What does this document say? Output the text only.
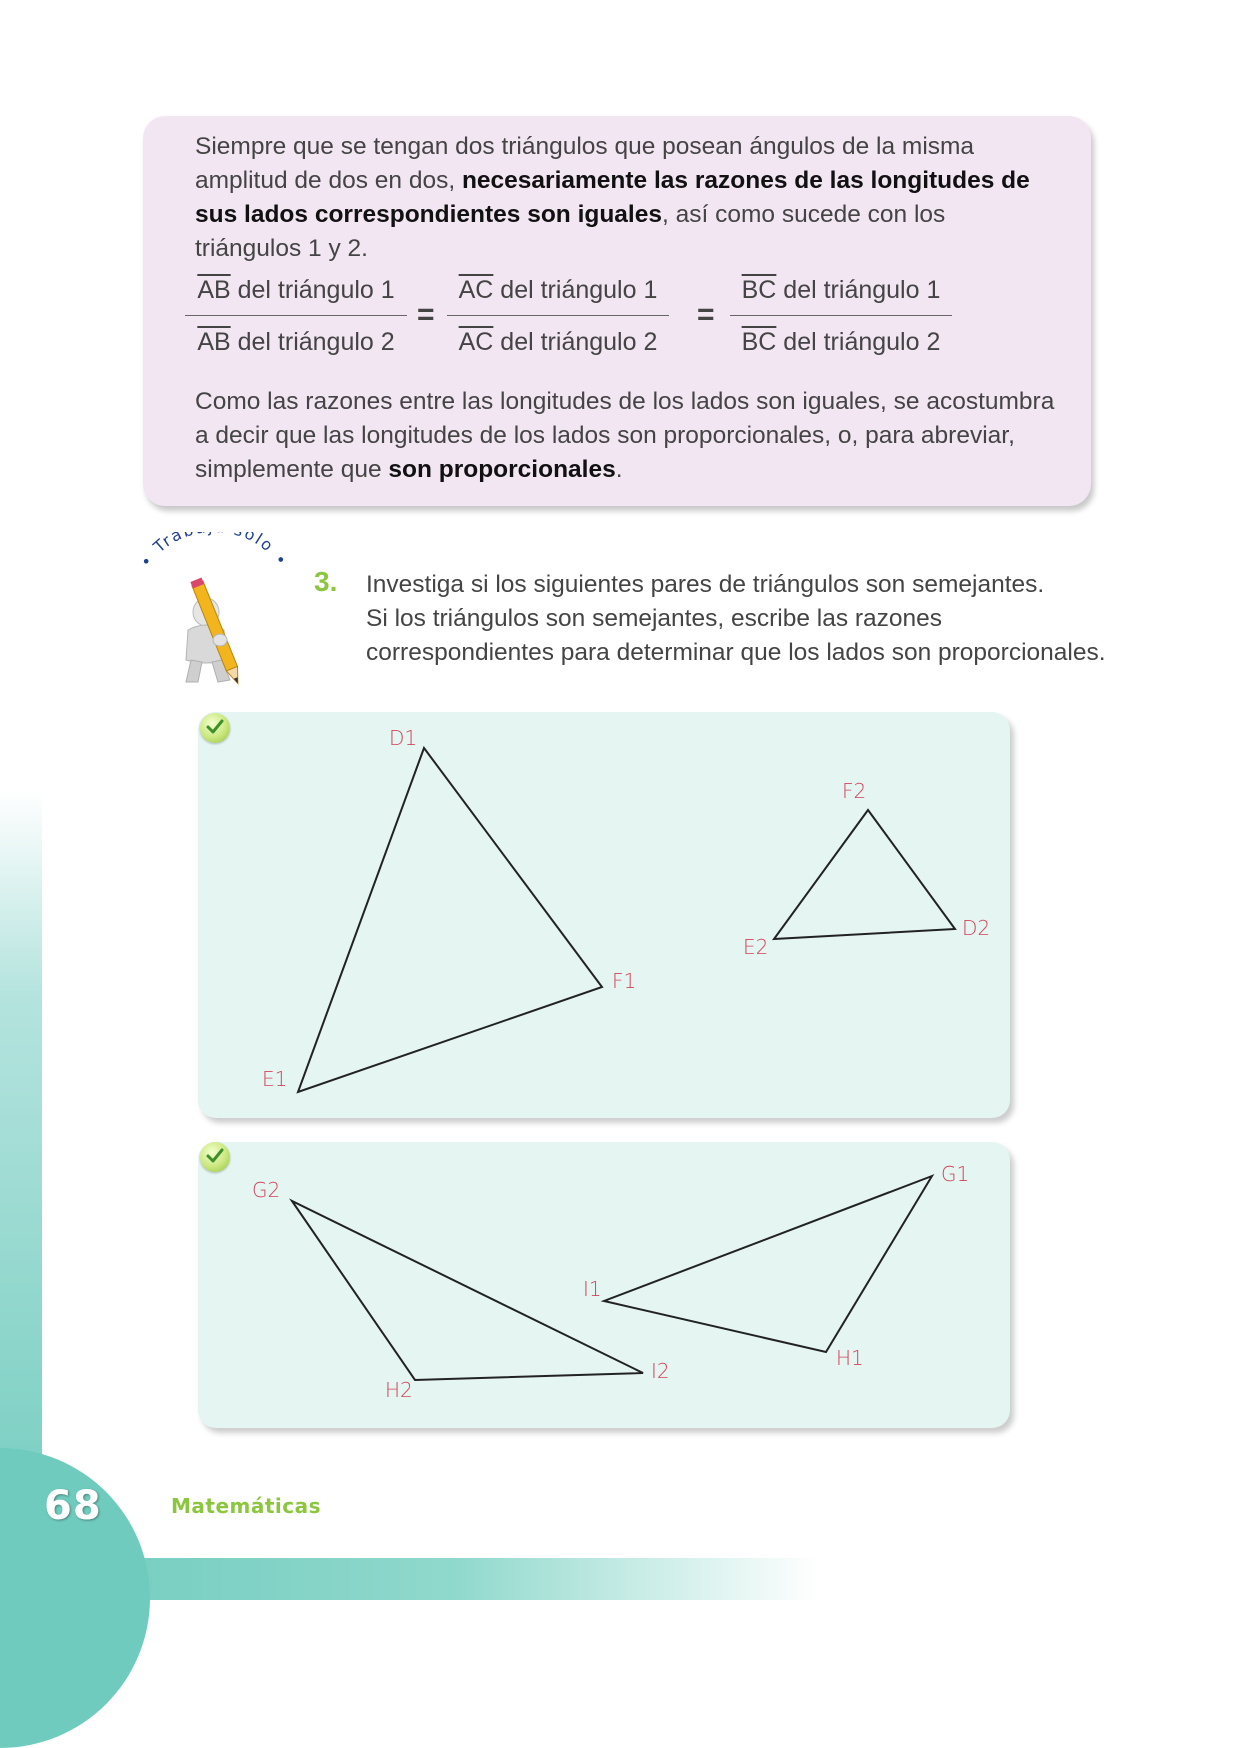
Siempre que se tengan dos triángulos que posean ángulos de la misma amplitud de dos en dos, necesariamente las razones de las longitudes de sus lados correspondientes son iguales, así como sucede con los triángulos 1 y 2.
$\overline{AB}$ del triángulo 1
$\overline{AB}$ del triángulo 2
=
$\overline{AC}$ del triángulo 1
$\overline{AC}$ del triángulo 2
=
$\overline{BC}$ del triángulo 1
$\overline{BC}$ del triángulo 2
Como las razones entre las longitudes de los lados son iguales, se acostumbra a decir que las longitudes de los lados son proporcionales, o, para abreviar, simplemente que son proporcionales.
• Tra olo •
3. Investiga si los siguientes pares de triángulos son semejantes.
Si los triángulos son semejantes, escribe las razones
correspondientes para determinar que los lados son proporcionales.
D1
F1
E1
F2
E2
D2
G2
H2
I2
G1
I1
H1
Matemáticas
68
